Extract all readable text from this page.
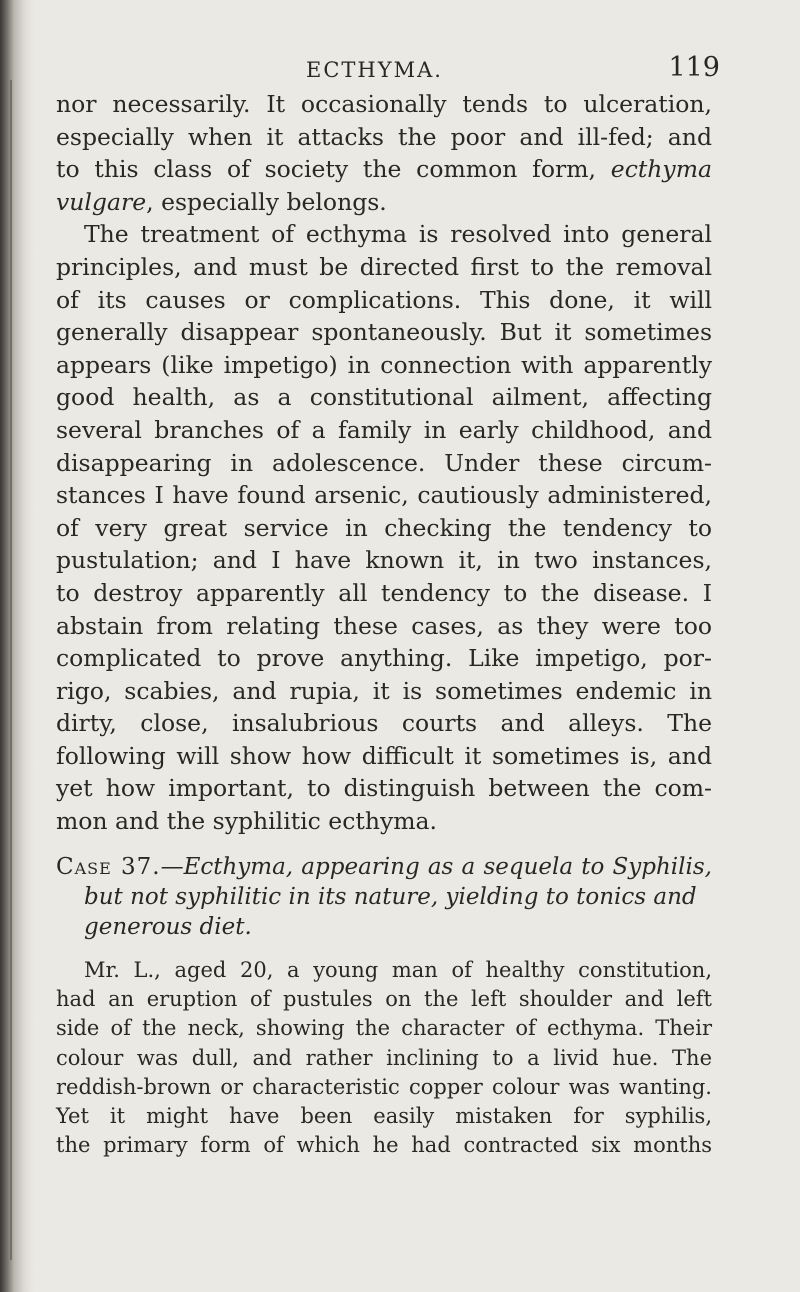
ECTHYMA.	119
nor necessarily. It occasionally tends to ulceration,
especially when it attacks the poor and ill-fed; and
to this class of society the common form, ecthyma
vulgare, especially belongs.
The treatment of ecthyma is resolved into general
principles, and must be directed first to the removal
of its causes or complications. This done, it will
generally disappear spontaneously. But it sometimes
appears (like impetigo) in connection with apparently
good health, as a constitutional ailment, affecting
several branches of a family in early childhood, and
disappearing in adolescence. Under these circum-
stances I have found arsenic, cautiously administered,
of very great service in checking the tendency to
pustulation; and I have known it, in two instances,
to destroy apparently all tendency to the disease. I
abstain from relating these cases, as they were too
complicated to prove anything. Like impetigo, por-
rigo, scabies, and rupia, it is sometimes endemic in
dirty, close, insalubrious courts and alleys. The
following will show how difficult it sometimes is, and
yet how important, to distinguish between the com-
mon and the syphilitic ecthyma.
Case 37.—Ecthyma, appearing as a sequela to Syphilis,
but not syphilitic in its nature, yielding to tonics and
generous diet.
Mr. L., aged 20, a young man of healthy constitution,
had an eruption of pustules on the left shoulder and left
side of the neck, showing the character of ecthyma. Their
colour was dull, and rather inclining to a livid hue. The
reddish-brown or characteristic copper colour was wanting.
Yet it might have been easily mistaken for syphilis,
the primary form of which he had contracted six months
